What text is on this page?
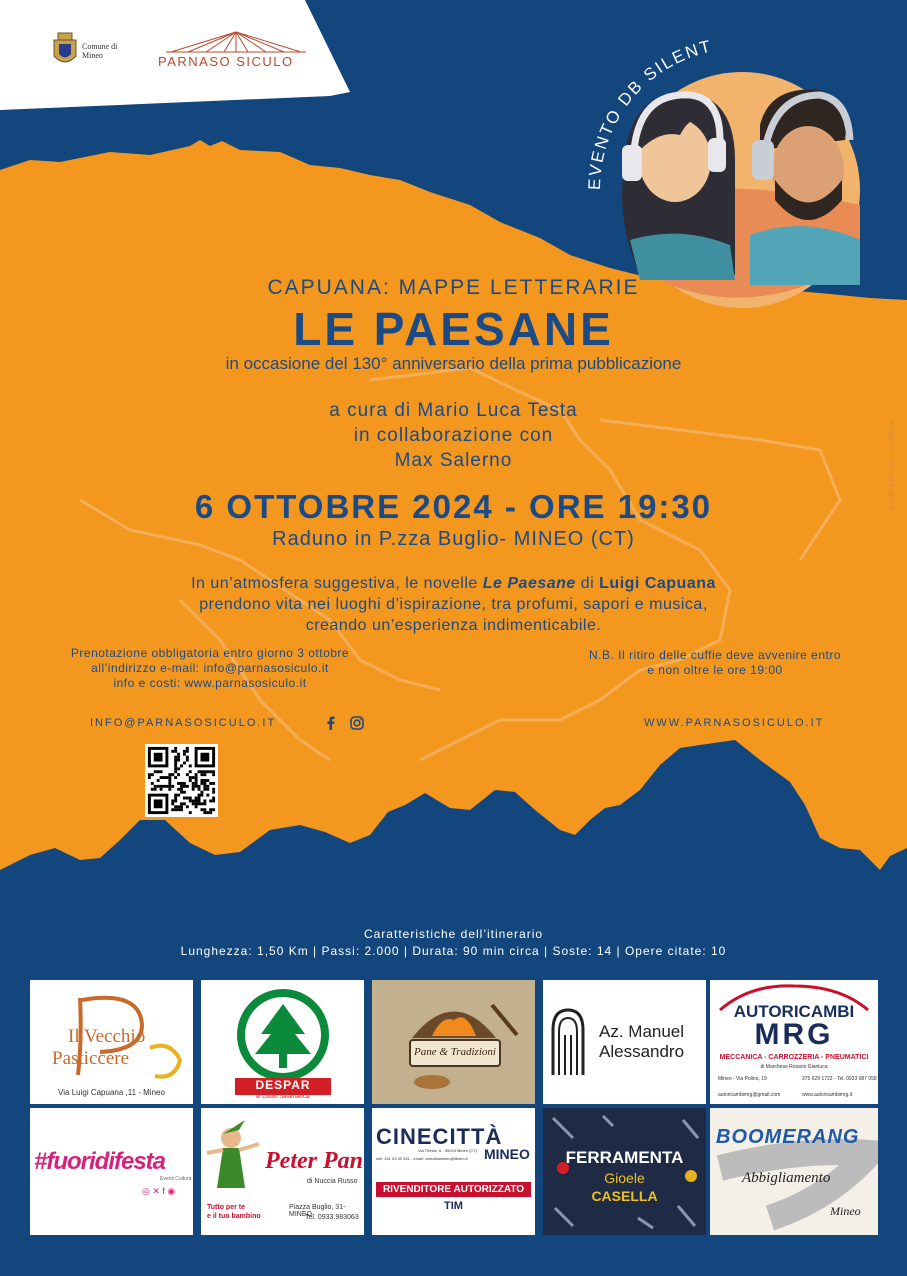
Comune di
Mineo	PARNASO SICULO
EVENTO DB SILENT
CAPUANA: MAPPE LETTERARIE
LE PAESANE
in occasione del 130° anniversario della prima pubblicazione
a cura di Mario Luca Testa
in collaborazione con
Max Salerno
6 OTTOBRE 2024 - ORE 19:30
Raduno in P.zza Buglio- MINEO (CT)
In un’atmosfera suggestiva, le novelle Le Paesane di Luigi Capuana
prendono vita nei luoghi d’ispirazione, tra profumi, sapori e musica,
creando un’esperienza indimenticabile.
Prenotazione obbligatoria entro giorno 3 ottobre
all’indirizzo e-mail: info@parnasosiculo.it
info e costi: www.parnasosiculo.it
N.B. Il ritiro delle cuffie deve avvenire entro
e non oltre le ore 19:00
INFO@PARNASOSICULO.IT	WWW.PARNASOSICULO.IT
Grafica Mario Luca Testa
Caratteristiche dell’itinerario
Lunghezza: 1,50 Km | Passi: 2.000 | Durata: 90 min circa | Soste: 14 | Opere citate: 10
Il Vecchio
Pasticcere
Via Luigi Capuana ,11 - Mineo
DESPAR
di Giulio Salamanca
Pane & Tradizioni
Az. Manuel
Alessandro
AUTORICAMBI
MRG
MECCANICA - CARROZZERIA - PNEUMATICI
di Marchese Rosario Gianluca
Mineo - Via Polino, 19	375 629 1722 - Tel. 0933 087 058
autoricambimrg@gmail.com	www.autoricambimrg.it
#fuoridifesta
Eventi Cultura
◎ ✕ f ◉
Peter Pan
di Nuccia Russo
Tutto per te
e il tuo bambino
Piazza Buglio, 31- MINEO
Tel. 0933.983063
CINECITTÀ
MINEO
Via Trieste, 6 - 95044 Mineo (CT)
cell. 331 03 42 351 - email: cinecittamineo@libero.it
RIVENDITORE AUTORIZZATO
TIM
FERRAMENTA
Gioele
CASELLA
BOOMERANG
Abbigliamento
Mineo
